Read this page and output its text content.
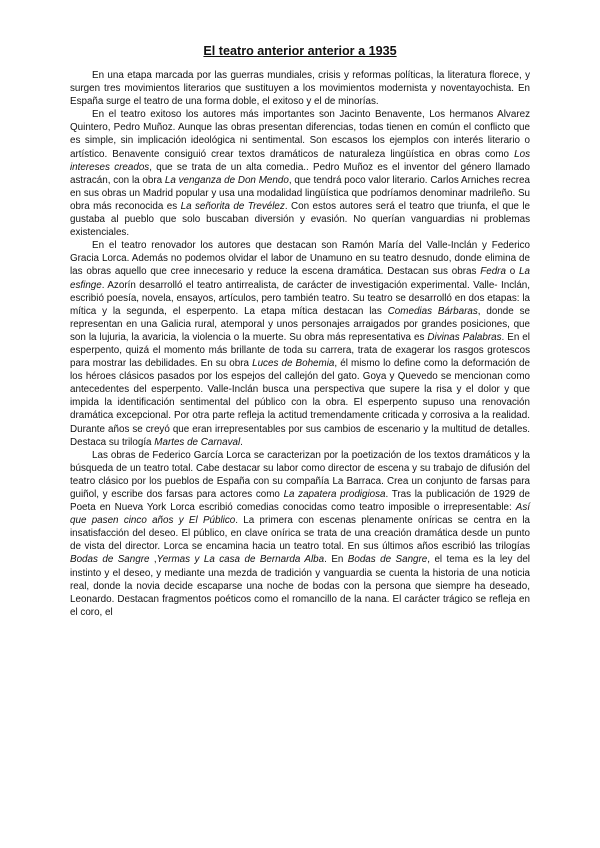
El teatro anterior anterior a 1935

En una etapa marcada por las guerras mundiales, crisis y reformas políticas, la literatura florece, y surgen tres movimientos literarios que sustituyen a los movimientos modernista y noventayochista. En España surge el teatro de una forma doble, el exitoso y el de minorías.

En el teatro exitoso los autores más importantes son Jacinto Benavente, Los hermanos Alvarez Quintero, Pedro Muñoz. Aunque las obras presentan diferencias, todas tienen en común el conflicto que es simple, sin implicación ideológica ni sentimental. Son escasos los ejemplos con interés literario o artístico. Benavente consiguió crear textos dramáticos de naturaleza lingüística en obras como Los intereses creados, que se trata de un alta comedia.. Pedro Muñoz es el inventor del género llamado astracán, con la obra La venganza de Don Mendo, que tendrá poco valor literario. Carlos Arniches recrea en sus obras un Madrid popular y usa una modalidad lingüística que podríamos denominar madrileño. Su obra más reconocida es La señorita de Trevélez. Con estos autores será el teatro que triunfa, el que le gustaba al pueblo que solo buscaban diversión y evasión. No querían vanguardias ni problemas existenciales.

En el teatro renovador los autores que destacan son Ramón María del Valle-Inclán y Federico Gracia Lorca. Además no podemos olvidar el labor de Unamuno en su teatro desnudo, donde elimina de las obras aquello que cree innecesario y reduce la escena dramática. Destacan sus obras Fedra o La esfinge. Azorín desarrolló el teatro antirrealista, de carácter de investigación experimental. Valle- Inclán, escribió poesía, novela, ensayos, artículos, pero también teatro. Su teatro se desarrolló en dos etapas: la mítica y la segunda, el esperpento. La etapa mítica destacan las Comedias Bárbaras, donde se representan en una Galicia rural, atemporal y unos personajes arraigados por grandes posiciones, que son la lujuria, la avaricia, la violencia o la muerte. Su obra más representativa es Divinas Palabras. En el esperpento, quizá el momento más brillante de toda su carrera, trata de exagerar los rasgos grotescos para mostrar las debilidades. En su obra Luces de Bohemia, él mismo lo define como la deformación de los héroes clásicos pasados por los espejos del callejón del gato. Goya y Quevedo se mencionan como antecedentes del esperpento. Valle-Inclán busca una perspectiva que supere la risa y el dolor y que impida la identificación sentimental del público con la obra. El esperpento supuso una renovación dramática excepcional. Por otra parte refleja la actitud tremendamente criticada y corrosiva a la realidad. Durante años se creyó que eran irrepresentables por sus cambios de escenario y la multitud de detalles. Destaca su trilogía Martes de Carnaval.

Las obras de Federico García Lorca se caracterizan por la poetización de los textos dramáticos y la búsqueda de un teatro total. Cabe destacar su labor como director de escena y su trabajo de difusión del teatro clásico por los pueblos de España con su compañía La Barraca. Crea un conjunto de farsas para guiñol, y escribe dos farsas para actores como La zapatera prodigiosa. Tras la publicación de 1929 de Poeta en Nueva York Lorca escribió comedias conocidas como teatro imposible o irrepresentable: Así que pasen cinco años y El Público. La primera con escenas plenamente oníricas se centra en la insatisfacción del deseo. El público, en clave onírica se trata de una creación dramática desde un punto de vista del director. Lorca se encamina hacia un teatro total. En sus últimos años escribió las trilogías Bodas de Sangre ,Yermas y La casa de Bernarda Alba. En Bodas de Sangre, el tema es la ley del instinto y el deseo, y mediante una mezda de tradición y vanguardia se cuenta la historia de una noticia real, donde la novia decide escaparse una noche de bodas con la persona que siempre ha deseado, Leonardo. Destacan fragmentos poéticos como el romancillo de la nana. El carácter trágico se refleja en el coro, el
